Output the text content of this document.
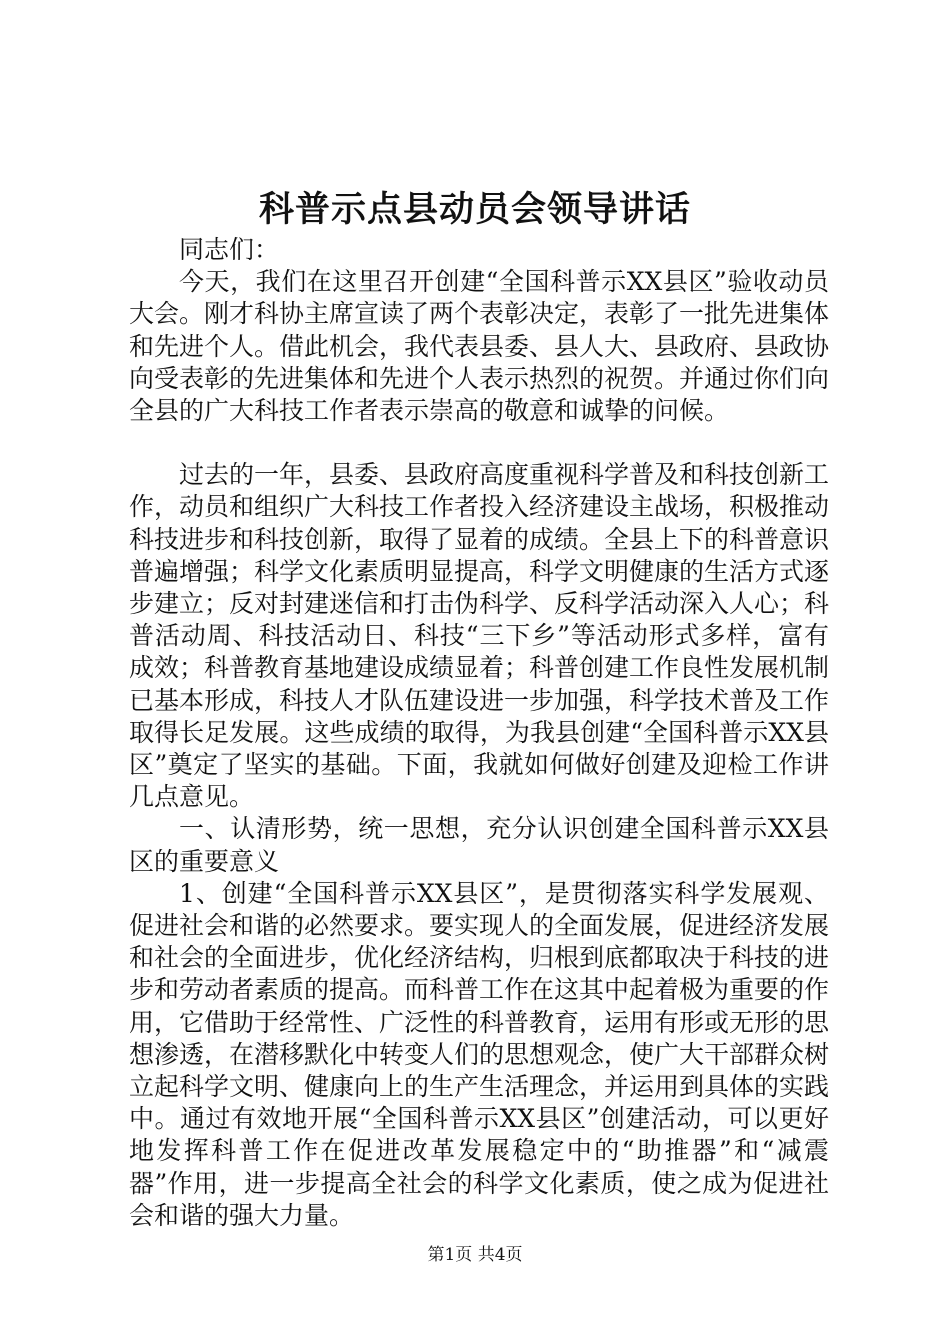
科普示点县动员会领导讲话

同志们：

今天，我们在这里召开创建“全国科普示XX县区”验收动员大会。刚才科协主席宣读了两个表彰决定，表彰了一批先进集体和先进个人。借此机会，我代表县委、县人大、县政府、县政协向受表彰的先进集体和先进个人表示热烈的祝贺。并通过你们向全县的广大科技工作者表示崇高的敬意和诚挚的问候。

过去的一年，县委、县政府高度重视科学普及和科技创新工作，动员和组织广大科技工作者投入经济建设主战场，积极推动科技进步和科技创新，取得了显着的成绩。全县上下的科普意识普遍增强；科学文化素质明显提高，科学文明健康的生活方式逐步建立；反对封建迷信和打击伪科学、反科学活动深入人心；科普活动周、科技活动日、科技“三下乡”等活动形式多样，富有成效；科普教育基地建设成绩显着；科普创建工作良性发展机制已基本形成，科技人才队伍建设进一步加强，科学技术普及工作取得长足发展。这些成绩的取得，为我县创建“全国科普示XX县区”奠定了坚实的基础。下面，我就如何做好创建及迎检工作讲几点意见。

一、认清形势，统一思想，充分认识创建全国科普示XX县区的重要意义

1、创建“全国科普示XX县区”，是贯彻落实科学发展观、促进社会和谐的必然要求。要实现人的全面发展，促进经济发展和社会的全面进步，优化经济结构，归根到底都取决于科技的进步和劳动者素质的提高。而科普工作在这其中起着极为重要的作用，它借助于经常性、广泛性的科普教育，运用有形或无形的思想渗透，在潜移默化中转变人们的思想观念，使广大干部群众树立起科学文明、健康向上的生产生活理念，并运用到具体的实践中。通过有效地开展“全国科普示XX县区”创建活动，可以更好地发挥科普工作在促进改革发展稳定中的“助推器”和“减震器”作用，进一步提高全社会的科学文化素质，使之成为促进社会和谐的强大力量。

第1页 共4页
